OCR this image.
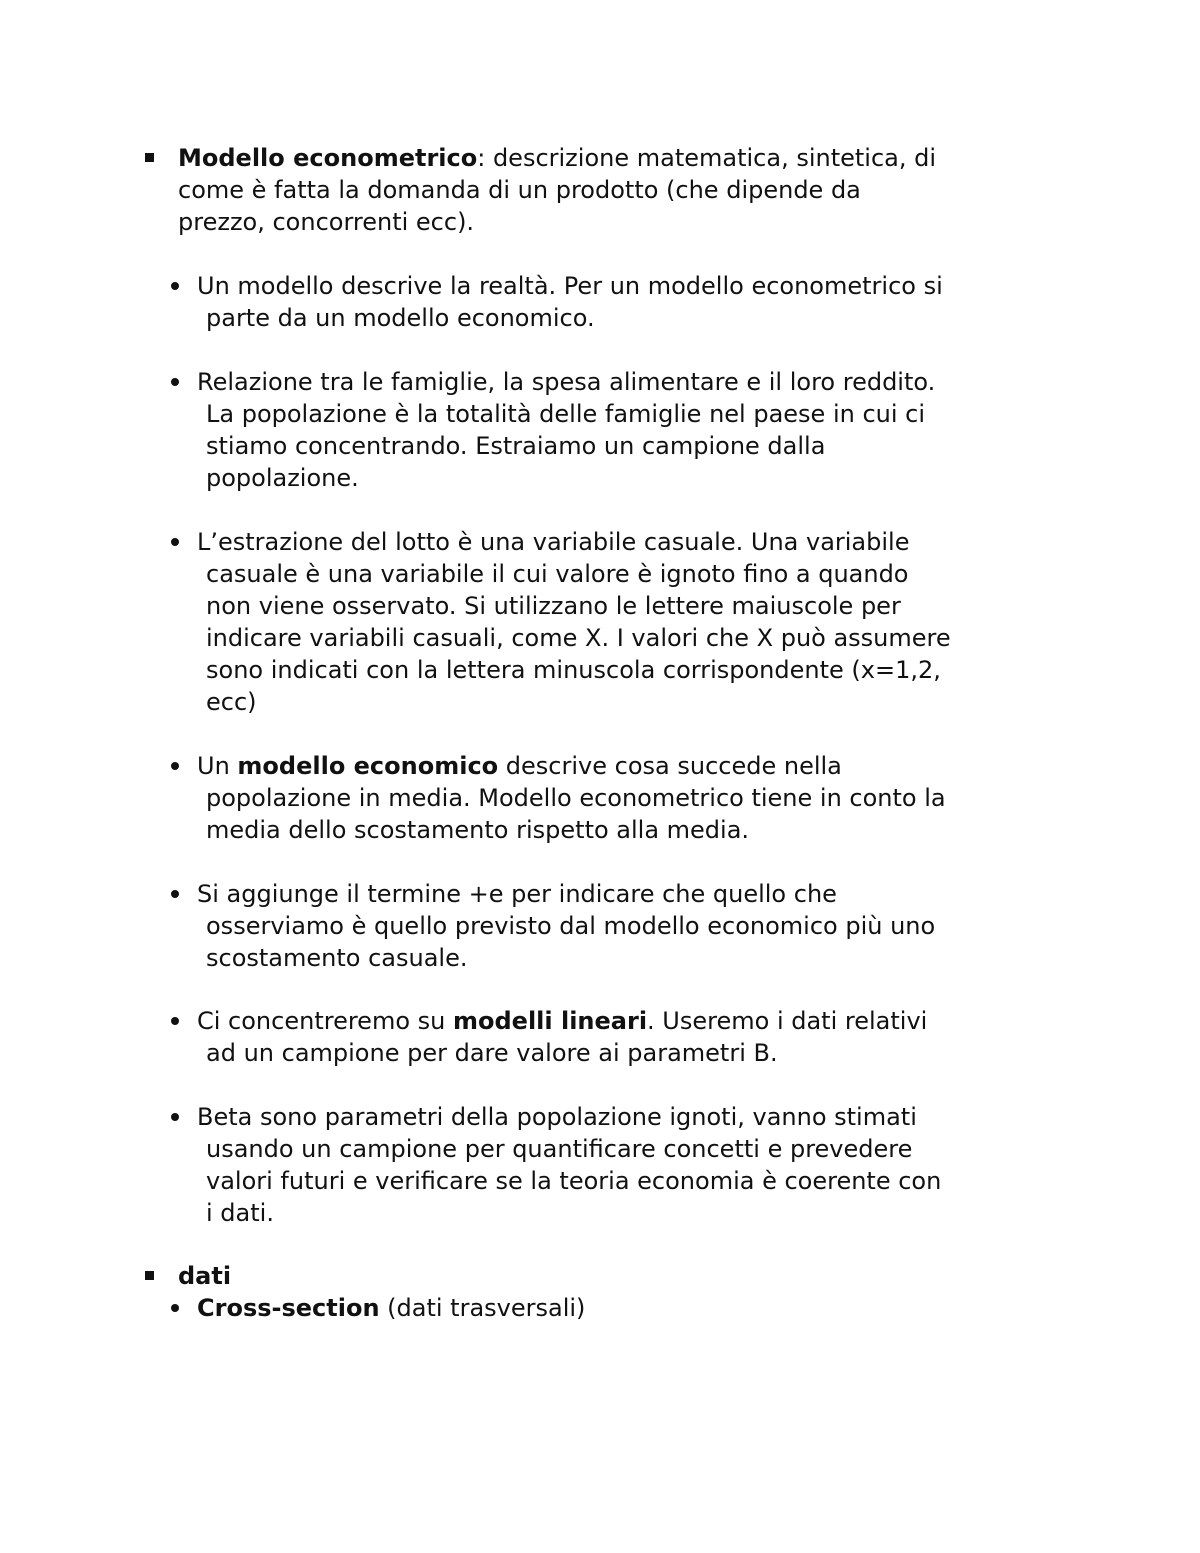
Modello econometrico: descrizione matematica, sintetica, di
come è fatta la domanda di un prodotto (che dipende da
prezzo, concorrenti ecc).
Un modello descrive la realtà. Per un modello econometrico si
parte da un modello economico.
Relazione tra le famiglie, la spesa alimentare e il loro reddito.
La popolazione è la totalità delle famiglie nel paese in cui ci
stiamo concentrando. Estraiamo un campione dalla
popolazione.
L’estrazione del lotto è una variabile casuale. Una variabile
casuale è una variabile il cui valore è ignoto fino a quando
non viene osservato. Si utilizzano le lettere maiuscole per
indicare variabili casuali, come X. I valori che X può assumere
sono indicati con la lettera minuscola corrispondente (x=1,2,
ecc)
Un modello economico descrive cosa succede nella
popolazione in media. Modello econometrico tiene in conto la
media dello scostamento rispetto alla media.
Si aggiunge il termine +e per indicare che quello che
osserviamo è quello previsto dal modello economico più uno
scostamento casuale.
Ci concentreremo su modelli lineari. Useremo i dati relativi
ad un campione per dare valore ai parametri B.
Beta sono parametri della popolazione ignoti, vanno stimati
usando un campione per quantificare concetti e prevedere
valori futuri e verificare se la teoria economia è coerente con
i dati.
dati
Cross-section (dati trasversali)
